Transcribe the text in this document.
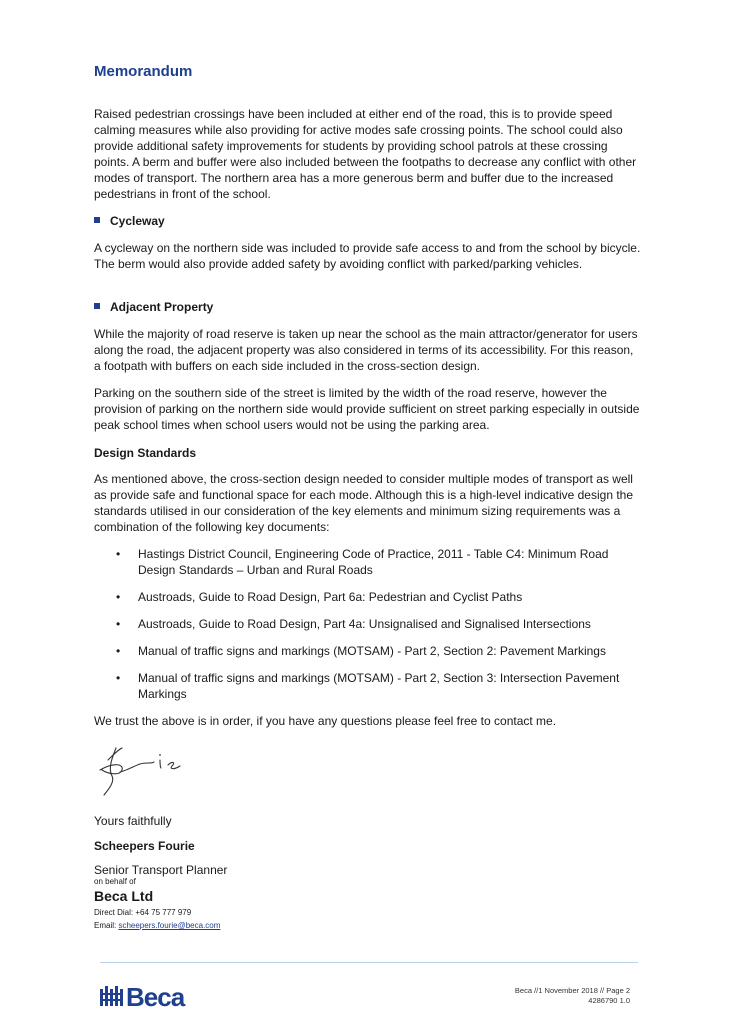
Memorandum
Raised pedestrian crossings have been included at either end of the road, this is to provide speed calming measures while also providing for active modes safe crossing points. The school could also provide additional safety improvements for students by providing school patrols at these crossing points. A berm and buffer were also included between the footpaths to decrease any conflict with other modes of transport. The northern area has a more generous berm and buffer due to the increased pedestrians in front of the school.
Cycleway
A cycleway on the northern side was included to provide safe access to and from the school by bicycle. The berm would also provide added safety by avoiding conflict with parked/parking vehicles.
Adjacent Property
While the majority of road reserve is taken up near the school as the main attractor/generator for users along the road, the adjacent property was also considered in terms of its accessibility. For this reason, a footpath with buffers on each side included in the cross-section design.
Parking on the southern side of the street is limited by the width of the road reserve, however the provision of parking on the northern side would provide sufficient on street parking especially in outside peak school times when school users would not be using the parking area.
Design Standards
As mentioned above, the cross-section design needed to consider multiple modes of transport as well as provide safe and functional space for each mode. Although this is a high-level indicative design the standards utilised in our consideration of the key elements and minimum sizing requirements was a combination of the following key documents:
• Hastings District Council, Engineering Code of Practice, 2011 - Table C4: Minimum Road Design Standards – Urban and Rural Roads
• Austroads, Guide to Road Design, Part 6a: Pedestrian and Cyclist Paths
• Austroads, Guide to Road Design, Part 4a: Unsignalised and Signalised Intersections
• Manual of traffic signs and markings (MOTSAM) - Part 2, Section 2: Pavement Markings
• Manual of traffic signs and markings (MOTSAM) - Part 2, Section 3: Intersection Pavement Markings
We trust the above is in order, if you have any questions please feel free to contact me.
Yours faithfully
Scheepers Fourie
Senior Transport Planner
on behalf of
Beca Ltd
Direct Dial: +64 75 777 979
Email: scheepers.fourie@beca.com
Beca	Beca //1 November 2018 // Page 2
4286790 1.0
